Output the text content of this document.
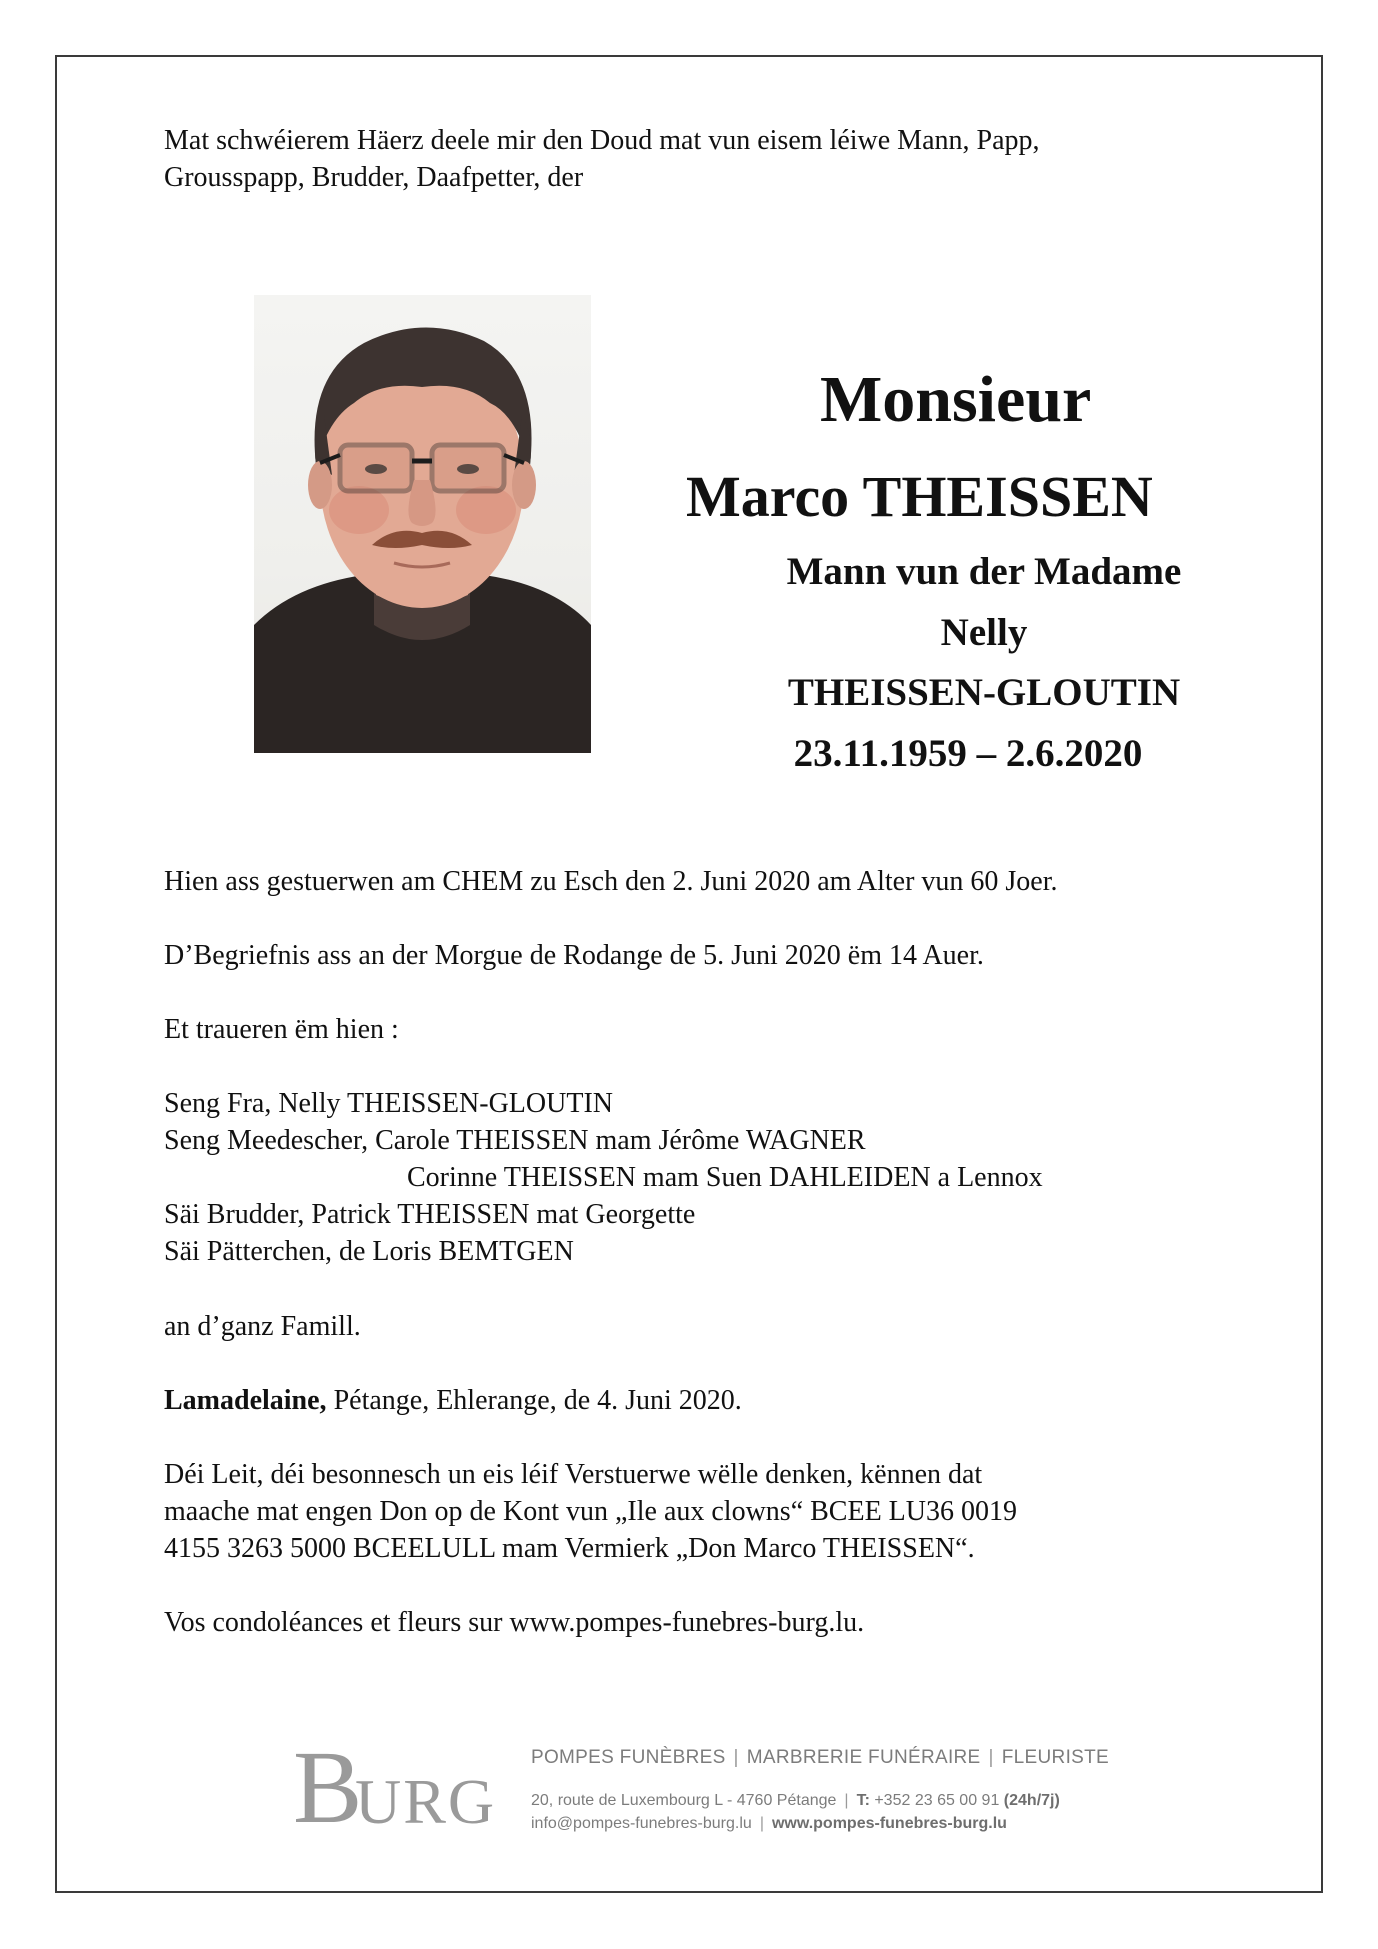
Mat schwéierem Häerz deele mir den Doud mat vun eisem léiwe Mann, Papp,
Grousspapp, Brudder, Daafpetter, der

Monsieur
Marco THEISSEN
Mann vun der Madame
Nelly
THEISSEN-GLOUTIN
23.11.1959 – 2.6.2020

Hien ass gestuerwen am CHEM zu Esch den 2. Juni 2020 am Alter vun 60 Joer.

D’Begriefnis ass an der Morgue de Rodange de 5. Juni 2020 ëm 14 Auer.

Et traueren ëm hien :

Seng Fra, Nelly THEISSEN-GLOUTIN
Seng Meedescher, Carole THEISSEN mam Jérôme WAGNER
Corinne THEISSEN mam Suen DAHLEIDEN a Lennox
Säi Brudder, Patrick THEISSEN mat Georgette
Säi Pätterchen, de Loris BEMTGEN

an d’ganz Famill.

Lamadelaine, Pétange, Ehlerange, de 4. Juni 2020.

Déi Leit, déi besonnesch un eis léif Verstuerwe wëlle denken, kënnen dat
maache mat engen Don op de Kont vun „Ile aux clowns“ BCEE LU36 0019
4155 3263 5000 BCEELULL mam Vermierk „Don Marco THEISSEN“.

Vos condoléances et fleurs sur www.pompes-funebres-burg.lu.

B
URG
POMPES FUNÈBRES | MARBRERIE FUNÉRAIRE | FLEURISTE
20, route de Luxembourg L - 4760 Pétange | T: +352 23 65 00 91 (24h/7j)
info@pompes-funebres-burg.lu | www.pompes-funebres-burg.lu
